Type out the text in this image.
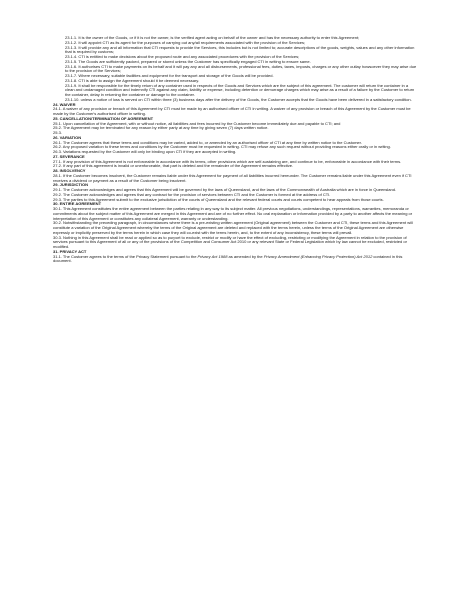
23.1.1. It is the owner of the Goods, or if it is not the owner, is the verified agent acting on behalf of the owner and has the necessary authority to enter this Agreement;

23.1.2. It will appoint CTI as its agent for the purposes of carrying out any/all requirements associated with the provision of the Services;

23.1.3. It will provide any and all information that CTI requests to provide the Services, this includes but is not limited to; accurate descriptions of the goods, weights, values and any other information that is required by customs;

23.1.4. CTI is entitled to make decisions about the proposed route and any associated procedures with the provision of the Services;

23.1.5. The Goods are sufficiently packed, prepared or stored unless the Customer has specifically engaged CTI in writing to ensure same.

23.1.6. It authorises CTI to make payments on its behalf and it will pay any and all disbursements, professional fees, duties, taxes, imposts, charges or any other outlay howsoever they may arise due to the provision of the Services;

23.1.7. Where necessary, suitable facilities and equipment for the transport and storage of the Goods will be provided.

23.1.8. CTI is able to assign the Agreement should it be deemed necessary.

23.1.9. It shall be responsible for the timely return of any container used in respects of the Goods and Services which are the subject of this agreement. The customer will return the container in a clean and undamaged condition and indemnify CTI against any claim, liability or expense, including detention or demurrage charges which may arise as a result of a failure by the Customer to return the container, delay in returning the container or damage to the container.

23.1.10. unless a notice of loss is served on CTI within three (3) business days after the delivery of the Goods, the Customer accepts that the Goods have been delivered in a satisfactory condition.

24. WAIVER

24.1. A waiver of any provision or breach of this Agreement by CTI must be made by an authorised officer of CTI in writing. A waiver of any provision or breach of this Agreement by the Customer must be made by the Customer's authorised officer in writing.

25. CANCELLATION/TERMINATION OF AGREEMENT

25.1. Upon cancellation of the Agreement, with or without notice, all liabilities and fees incurred by the Customer become immediately due and payable to CTI; and

25.2. The Agreement may be terminated for any reason by either party at any time by giving seven (7) days written notice.

25.3.

26. VARIATION

26.1. The Customer agrees that these terms and conditions may be varied, added to, or amended by an authorised officer of CTI at any time by written notice to the Customer.

26.2. Any proposed variation to these terms and conditions by the Customer must be requested in writing. CTI may refuse any such request without providing reasons either orally or in writing.

26.3. Variations requested by the Customer will only be binding upon CTI if they are accepted in writing.

27. SEVERANCE

27.1. If any provision of this Agreement is not enforceable in accordance with its terms, other provisions which are self-sustaining are, and continue to be, enforceable in accordance with their terms.

27.2. If any part of this agreement is invalid or unenforceable, that part is deleted and the remainder of the Agreement remains effective.

28. INSOLVENCY

28.1. If the Customer becomes insolvent, the Customer remains liable under this Agreement for payment of all liabilities incurred hereunder. The Customer remains liable under this Agreement even if CTI receives a dividend or payment as a result of the Customer being insolvent.

29. JURISDICTION

29.1. The Customer acknowledges and agrees that this Agreement will be governed by the laws of Queensland, and the laws of the Commonwealth of Australia which are in force in Queensland.

29.2. The Customer acknowledges and agrees that any contract for the provision of services between CTI and the Customer is formed at the address of CTI.

29.3. The parties to this Agreement submit to the exclusive jurisdiction of the courts of Queensland and the relevant federal courts and courts competent to hear appeals from those courts.

30. ENTIRE AGREEMENT

30.1. This Agreement constitutes the entire agreement between the parties relating in any way to its subject matter. All previous negotiations, understandings, representations, warranties, memoranda or commitments about the subject matter of this Agreement are merged in this Agreement and are of no further effect. No oral explanation or information provided by a party to another affects the meaning or interpretation of this Agreement or constitutes any collateral Agreement, warranty or understanding.

30.2. Notwithstanding the preceding paragraph, in circumstances where there is a pre-existing written agreement (Original agreement) between the Customer and CTI, these terms and this Agreement will constitute a variation of the Original Agreement whereby the terms of the Original agreement are deleted and replaced with the terms herein, unless the terms of the Original Agreement are otherwise expressly or implicitly preserved by the terms herein in which case they will co-exist with the terms herein, and, to the extent of any inconsistency, these terms will prevail.

30.3. Nothing in this Agreement shall be read or applied so as to purport to exclude, restrict or modify or have the effect of excluding, restricting or modifying the Agreement in relation to the provision of services pursuant to this Agreement of all or any of the provisions of the Competition and Consumer Act 2010 or any relevant State or Federal Legislation which by law cannot be excluded, restricted or modified.

31. PRIVACY ACT

31.1. The Customer agrees to the terms of the Privacy Statement pursuant to the Privacy Act 1988 as amended by the Privacy Amendment (Enhancing Privacy Protection) Act 2012 contained in this document.
